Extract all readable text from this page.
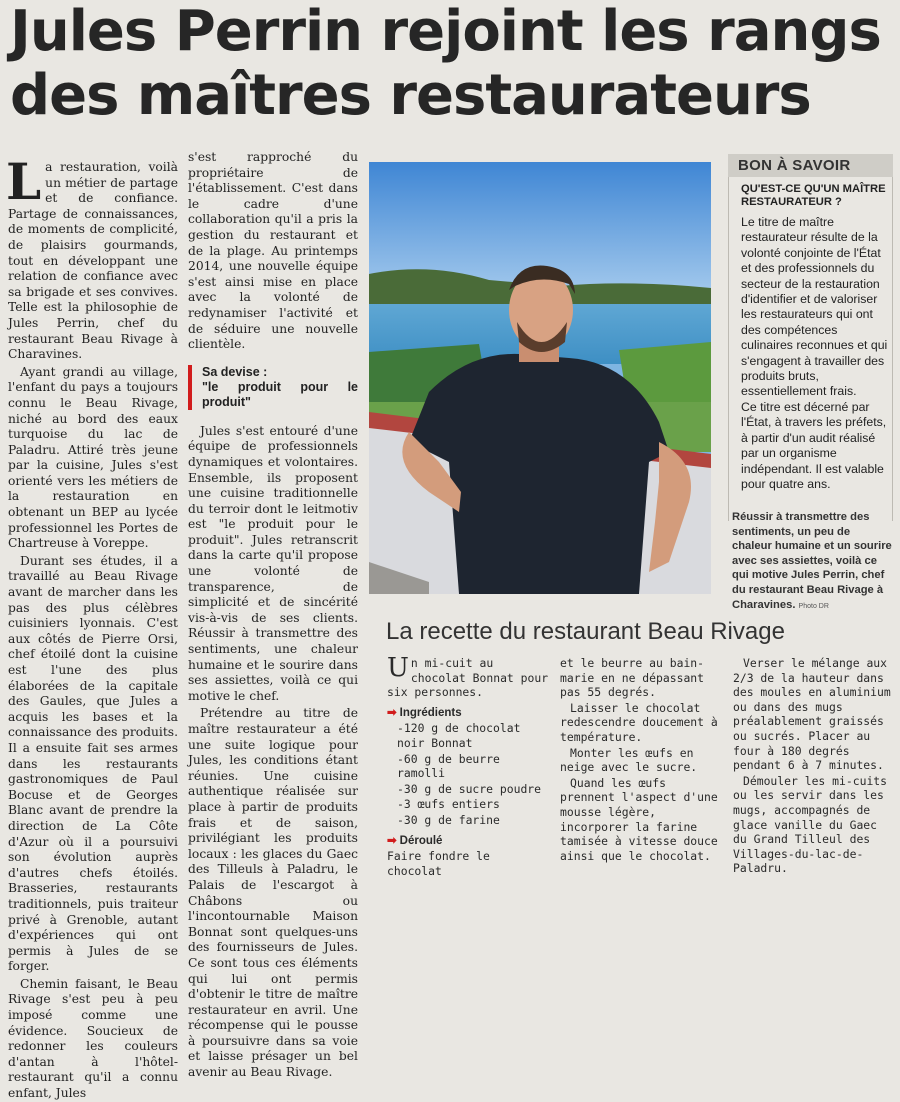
Jules Perrin rejoint les rangs
des maîtres restaurateurs

La restauration, voilà un métier de partage et de confiance. Partage de connaissances, de moments de complicité, de plaisirs gourmands, tout en développant une relation de confiance avec sa brigade et ses convives. Telle est la philosophie de Jules Perrin, chef du restaurant Beau Rivage à Charavines.

Ayant grandi au village, l'enfant du pays a toujours connu le Beau Rivage, niché au bord des eaux turquoise du lac de Paladru. Attiré très jeune par la cuisine, Jules s'est orienté vers les métiers de la restauration en obtenant un BEP au lycée professionnel les Portes de Chartreuse à Voreppe.

Durant ses études, il a travaillé au Beau Rivage avant de marcher dans les pas des plus célèbres cuisiniers lyonnais. C'est aux côtés de Pierre Orsi, chef étoilé dont la cuisine est l'une des plus élaborées de la capitale des Gaules, que Jules a acquis les bases et la connaissance des produits. Il a ensuite fait ses armes dans les restaurants gastronomiques de Paul Bocuse et de Georges Blanc avant de prendre la direction de La Côte d'Azur où il a poursuivi son évolution auprès d'autres chefs étoilés. Brasseries, restaurants traditionnels, puis traiteur privé à Grenoble, autant d'expériences qui ont permis à Jules de se forger.

Chemin faisant, le Beau Rivage s'est peu à peu imposé comme une évidence. Soucieux de redonner les couleurs d'antan à l'hôtel-restaurant qu'il a connu enfant, Jules

s'est rapproché du propriétaire de l'établissement. C'est dans le cadre d'une collaboration qu'il a pris la gestion du restaurant et de la plage. Au printemps 2014, une nouvelle équipe s'est ainsi mise en place avec la volonté de redynamiser l'activité et de séduire une nouvelle clientèle.

Sa devise :
"le produit pour le produit"

Jules s'est entouré d'une équipe de professionnels dynamiques et volontaires. Ensemble, ils proposent une cuisine traditionnelle du terroir dont le leitmotiv est "le produit pour le produit". Jules retranscrit dans la carte qu'il propose une volonté de transparence, de simplicité et de sincérité vis-à-vis de ses clients. Réussir à transmettre des sentiments, une chaleur humaine et le sourire dans ses assiettes, voilà ce qui motive le chef.

Prétendre au titre de maître restaurateur a été une suite logique pour Jules, les conditions étant réunies. Une cuisine authentique réalisée sur place à partir de produits frais et de saison, privilégiant les produits locaux : les glaces du Gaec des Tilleuls à Paladru, le Palais de l'escargot à Châbons ou l'incontournable Maison Bonnat sont quelques-uns des fournisseurs de Jules. Ce sont tous ces éléments qui lui ont permis d'obtenir le titre de maître restaurateur en avril. Une récompense qui le pousse à poursuivre dans sa voie et laisse présager un bel avenir au Beau Rivage.

BON À SAVOIR
QU'EST-CE QU'UN MAÎTRE RESTAURATEUR ?
Le titre de maître restaurateur résulte de la volonté conjointe de l'État et des professionnels du secteur de la restauration d'identifier et de valoriser les restaurateurs qui ont des compétences culinaires reconnues et qui s'engagent à travailler des produits bruts, essentiellement frais.
Ce titre est décerné par l'État, à travers les préfets, à partir d'un audit réalisé par un organisme indépendant. Il est valable pour quatre ans.
Réussir à transmettre des sentiments, un peu de chaleur humaine et un sourire avec ses assiettes, voilà ce qui motive Jules Perrin, chef du restaurant Beau Rivage à Charavines. Photo DR
La recette du restaurant Beau Rivage

Un mi-cuit au chocolat Bonnat pour six personnes.

➡ Ingrédients

-120 g de chocolat noir Bonnat

-60 g de beurre ramolli

-30 g de sucre poudre

-3 œufs entiers

-30 g de farine

➡ Déroulé

Faire fondre le chocolat

et le beurre au bain-marie en ne dépassant pas 55 degrés.

Laisser le chocolat redescendre doucement à température.

Monter les œufs en neige avec le sucre.

Quand les œufs prennent l'aspect d'une mousse légère, incorporer la farine tamisée à vitesse douce ainsi que le chocolat.

Verser le mélange aux 2/3 de la hauteur dans des moules en aluminium ou dans des mugs préalablement graissés ou sucrés. Placer au four à 180 degrés pendant 6 à 7 minutes.

Démouler les mi-cuits ou les servir dans les mugs, accompagnés de glace vanille du Gaec du Grand Tilleul des Villages-du-lac-de-Paladru.
